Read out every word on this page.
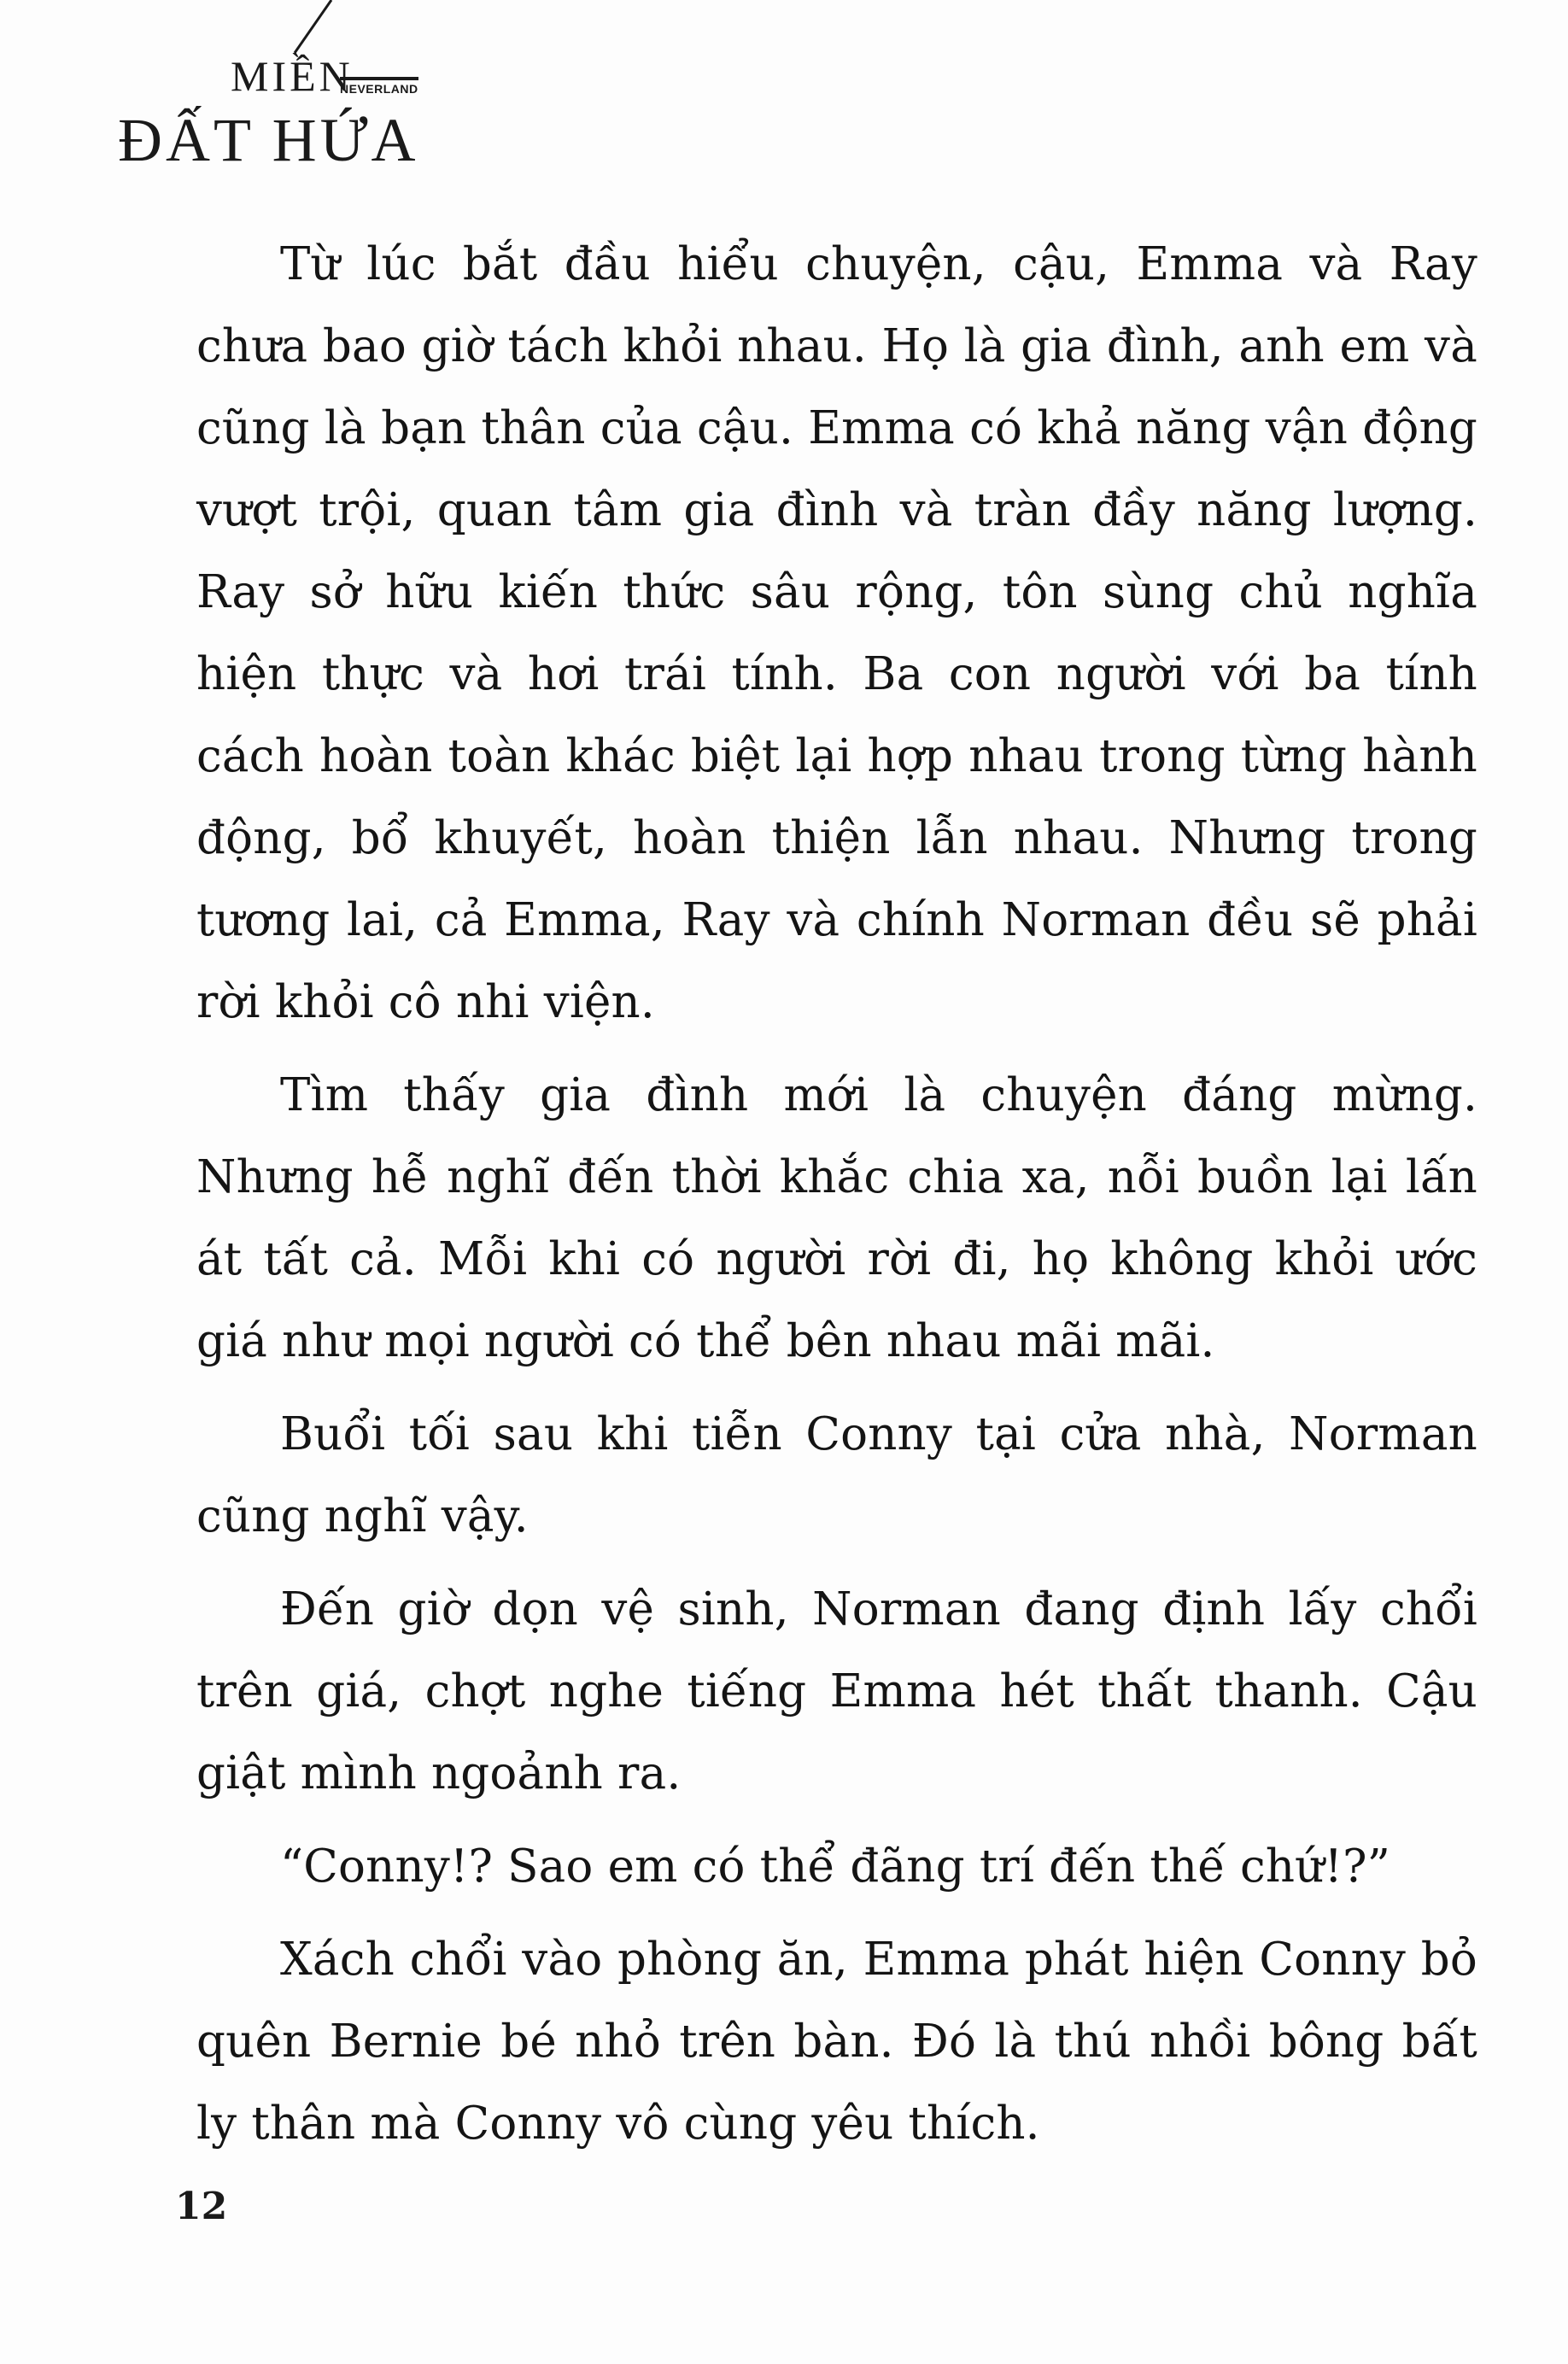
MIỀN
NEVERLAND
ĐẤT HỨA

Từ lúc bắt đầu hiểu chuyện, cậu, Emma và Ray chưa bao giờ tách khỏi nhau. Họ là gia đình, anh em và cũng là bạn thân của cậu. Emma có khả năng vận động vượt trội, quan tâm gia đình và tràn đầy năng lượng. Ray sở hữu kiến thức sâu rộng, tôn sùng chủ nghĩa hiện thực và hơi trái tính. Ba con người với ba tính cách hoàn toàn khác biệt lại hợp nhau trong từng hành động, bổ khuyết, hoàn thiện lẫn nhau. Nhưng trong tương lai, cả Emma, Ray và chính Norman đều sẽ phải rời khỏi cô nhi viện.

Tìm thấy gia đình mới là chuyện đáng mừng. Nhưng hễ nghĩ đến thời khắc chia xa, nỗi buồn lại lấn át tất cả. Mỗi khi có người rời đi, họ không khỏi ước giá như mọi người có thể bên nhau mãi mãi.

Buổi tối sau khi tiễn Conny tại cửa nhà, Norman cũng nghĩ vậy.

Đến giờ dọn vệ sinh, Norman đang định lấy chổi trên giá, chợt nghe tiếng Emma hét thất thanh. Cậu giật mình ngoảnh ra.

“Conny!? Sao em có thể đãng trí đến thế chứ!?”

Xách chổi vào phòng ăn, Emma phát hiện Conny bỏ quên Bernie bé nhỏ trên bàn. Đó là thú nhồi bông bất ly thân mà Conny vô cùng yêu thích.

12
